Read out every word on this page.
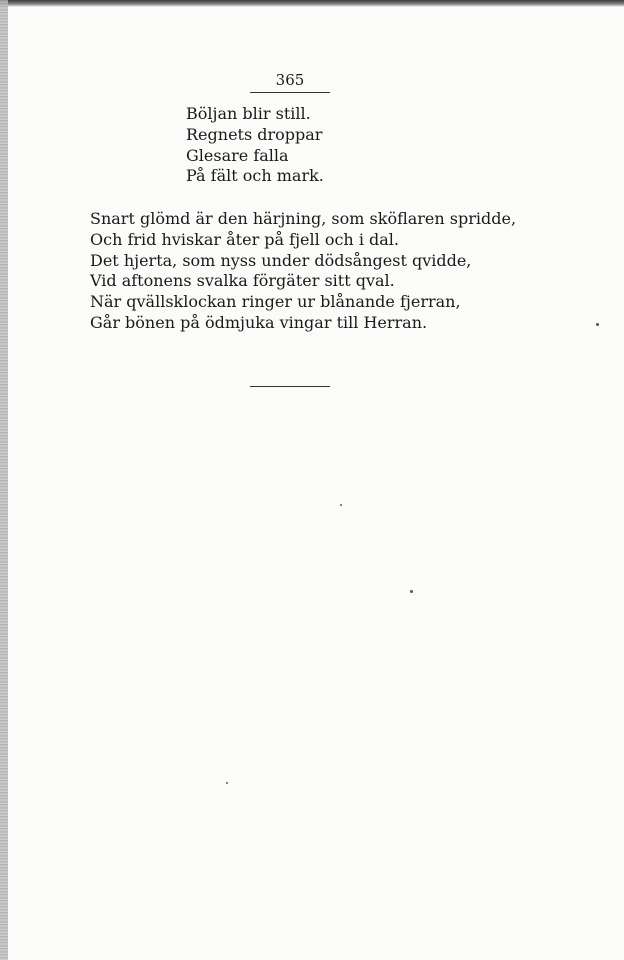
365
Böljan blir still.
Regnets droppar
Glesare falla
På fält och mark.
Snart glömd är den härjning, som sköflaren spridde,
Och frid hviskar åter på fjell och i dal.
Det hjerta, som nyss under dödsångest qvidde,
Vid aftonens svalka förgäter sitt qval.
När qvällsklockan ringer ur blånande fjerran,
Går bönen på ödmjuka vingar till Herran.
